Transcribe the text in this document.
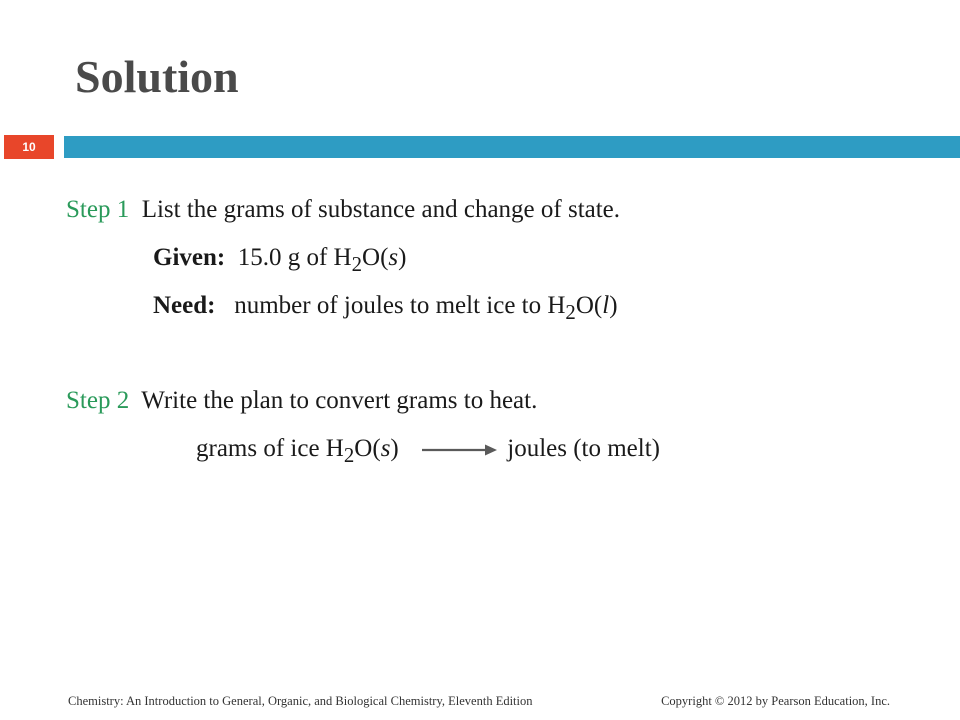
Solution
10
Step 1 List the grams of substance and change of state.
Given: 15.0 g of $H_2O(s)$
Need: number of joules to melt ice to $H_2O(l)$
Step 2 Write the plan to convert grams to heat.
grams of ice $H_2O(s)$	joules (to melt)
Chemistry: An Introduction to General, Organic, and Biological Chemistry, Eleventh Edition	Copyright © 2012 by Pearson Education, Inc.
